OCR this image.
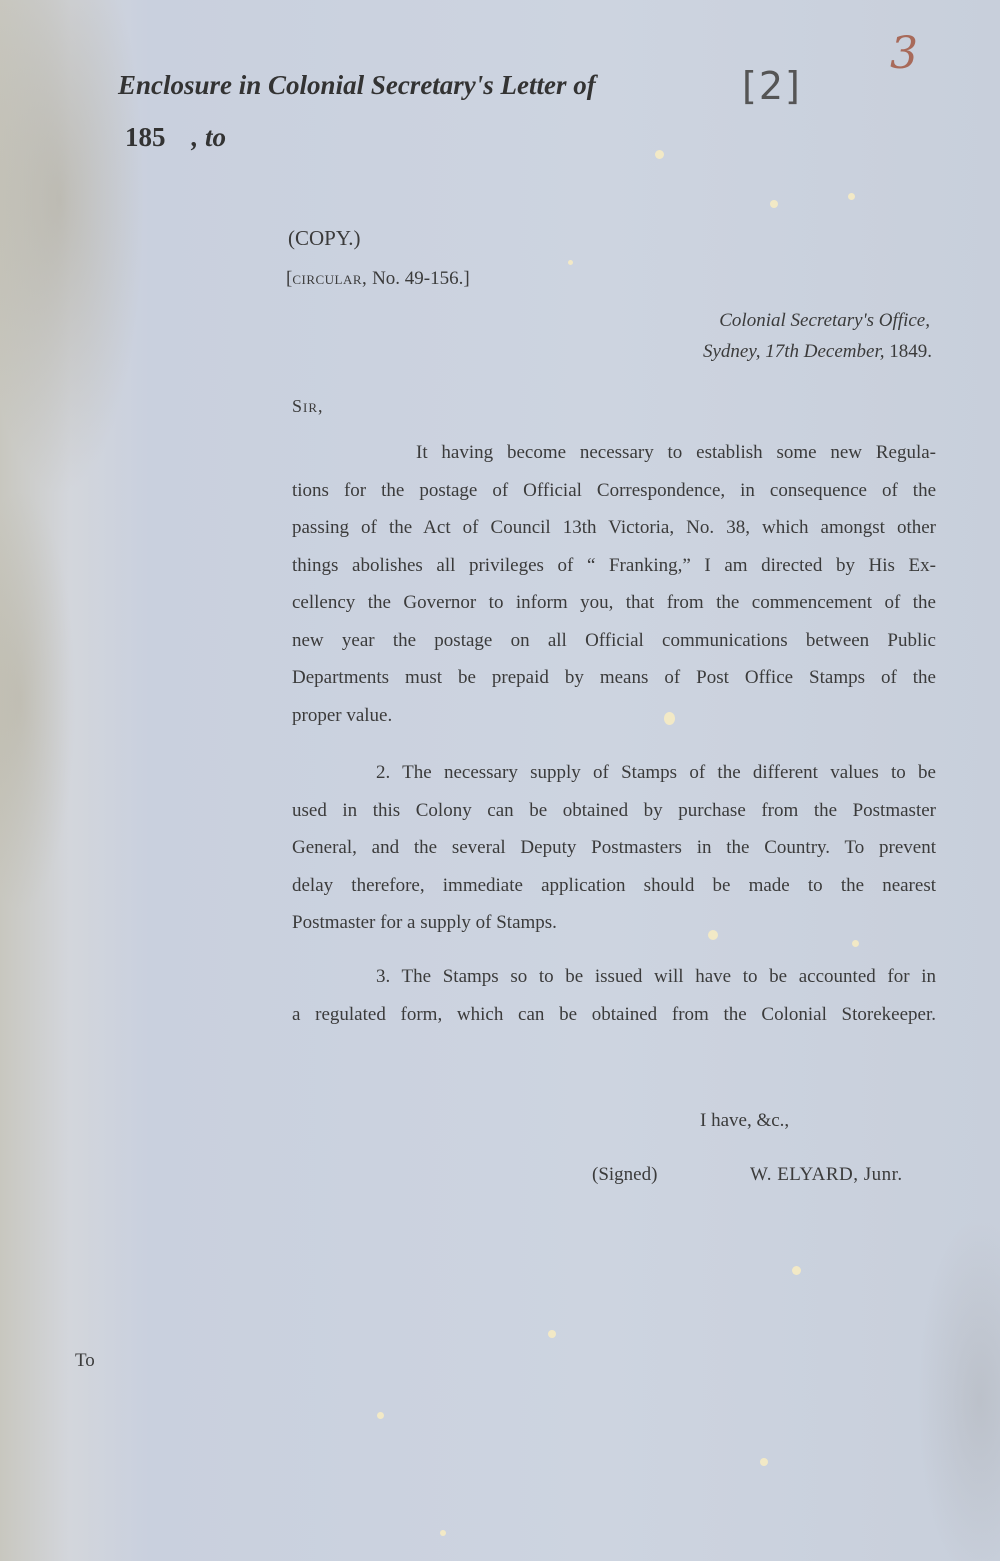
Enclosure in Colonial Secretary's Letter of
185 , to
[2]
3
(COPY.)
[circular, No. 49-156.]
Colonial Secretary's Office,
Sydney, 17th December, 1849.
Sir,
It having become necessary to establish some new Regula-
tions for the postage of Official Correspondence, in consequence of the
passing of the Act of Council 13th Victoria, No. 38, which amongst other
things abolishes all privileges of “ Franking,” I am directed by His Ex-
cellency the Governor to inform you, that from the commencement of the
new year the postage on all Official communications between Public
Departments must be prepaid by means of Post Office Stamps of the
proper value.
2. The necessary supply of Stamps of the different values to be
used in this Colony can be obtained by purchase from the Postmaster
General, and the several Deputy Postmasters in the Country. To prevent
delay therefore, immediate application should be made to the nearest
Postmaster for a supply of Stamps.
3. The Stamps so to be issued will have to be accounted for in
a regulated form, which can be obtained from the Colonial Storekeeper.
I have, &c.,
(Signed)	W. ELYARD, Junr.
To
